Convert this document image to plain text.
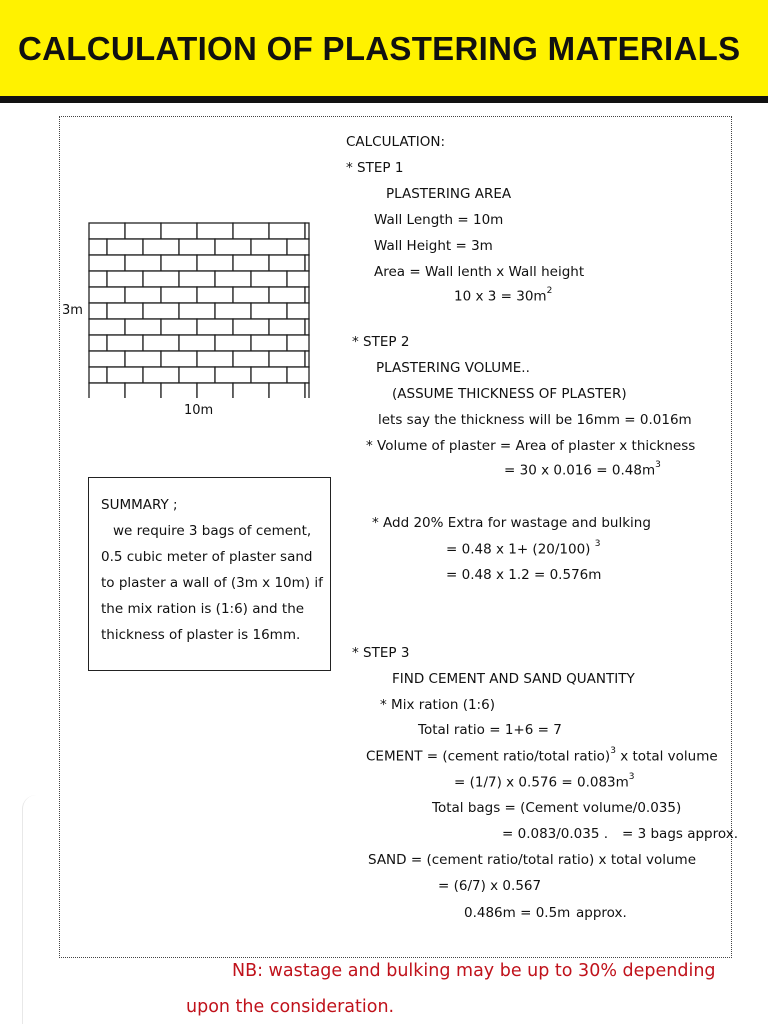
CALCULATION OF PLASTERING MATERIALS
3m
10m
SUMMARY ;
we require 3 bags of cement,
0.5 cubic meter of plaster sand
to plaster a wall of (3m x 10m) if
the mix ration is (1:6) and the
thickness of plaster is 16mm.
CALCULATION:
* STEP 1
PLASTERING AREA
Wall Length = 10m
Wall Height = 3m
Area = Wall lenth x Wall height
10 x $3 = 30m^2$
* STEP 2
PLASTERING VOLUME..
(ASSUME THICKNESS OF PLASTER)
lets say the thickness will be 16mm = 0.016m
* Volume of plaster = Area of plaster x thickness
= 30 x $0.016 = 0.48m^3$
* Add 20% Extra for wastage and bulking
= 0.48 x 1+ (20/100) $^3$
= 0.48 x 1.2 = 0.576m
* STEP 3
FIND CEMENT AND SAND QUANTITY
* Mix ration (1:6)
Total ratio = 1+6 = 7
CEMENT = (cement ratio/total ratio)$^3$ x total volume
= (1/7) x $0.576 = 0.083m^3$
Total bags = (Cement volume/0.035)
= 0.083/0.035 . = 3 bags approx.
SAND = (cement ratio/total ratio) x total volume
= (6/7) x 0.567
0.486m = 0.5m approx.
NB: wastage and bulking may be up to 30% depending
upon the consideration.
